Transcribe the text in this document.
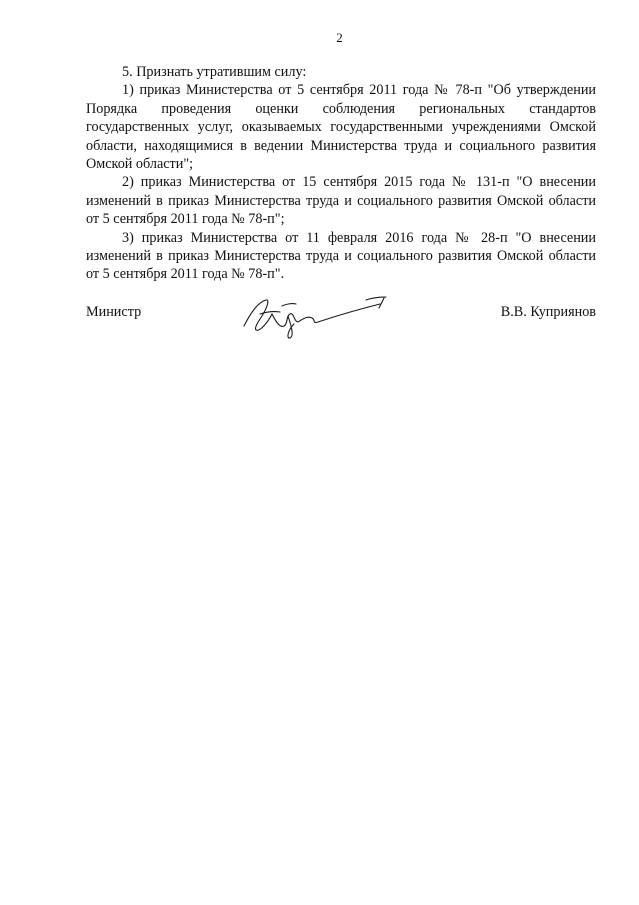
2

5. Признать утратившим силу:

1) приказ Министерства от 5 сентября 2011 года № 78-п "Об утверждении Порядка проведения оценки соблюдения региональных стандартов государственных услуг, оказываемых государственными учреждениями Омской области, находящимися в ведении Министерства труда и социального развития Омской области";

2) приказ Министерства от 15 сентября 2015 года № 131-п "О внесении изменений в приказ Министерства труда и социального развития Омской области от 5 сентября 2011 года № 78-п";

3) приказ Министерства от 11 февраля 2016 года № 28-п "О внесении изменений в приказ Министерства труда и социального развития Омской области от 5 сентября 2011 года № 78-п".

Министр	В.В. Куприянов
